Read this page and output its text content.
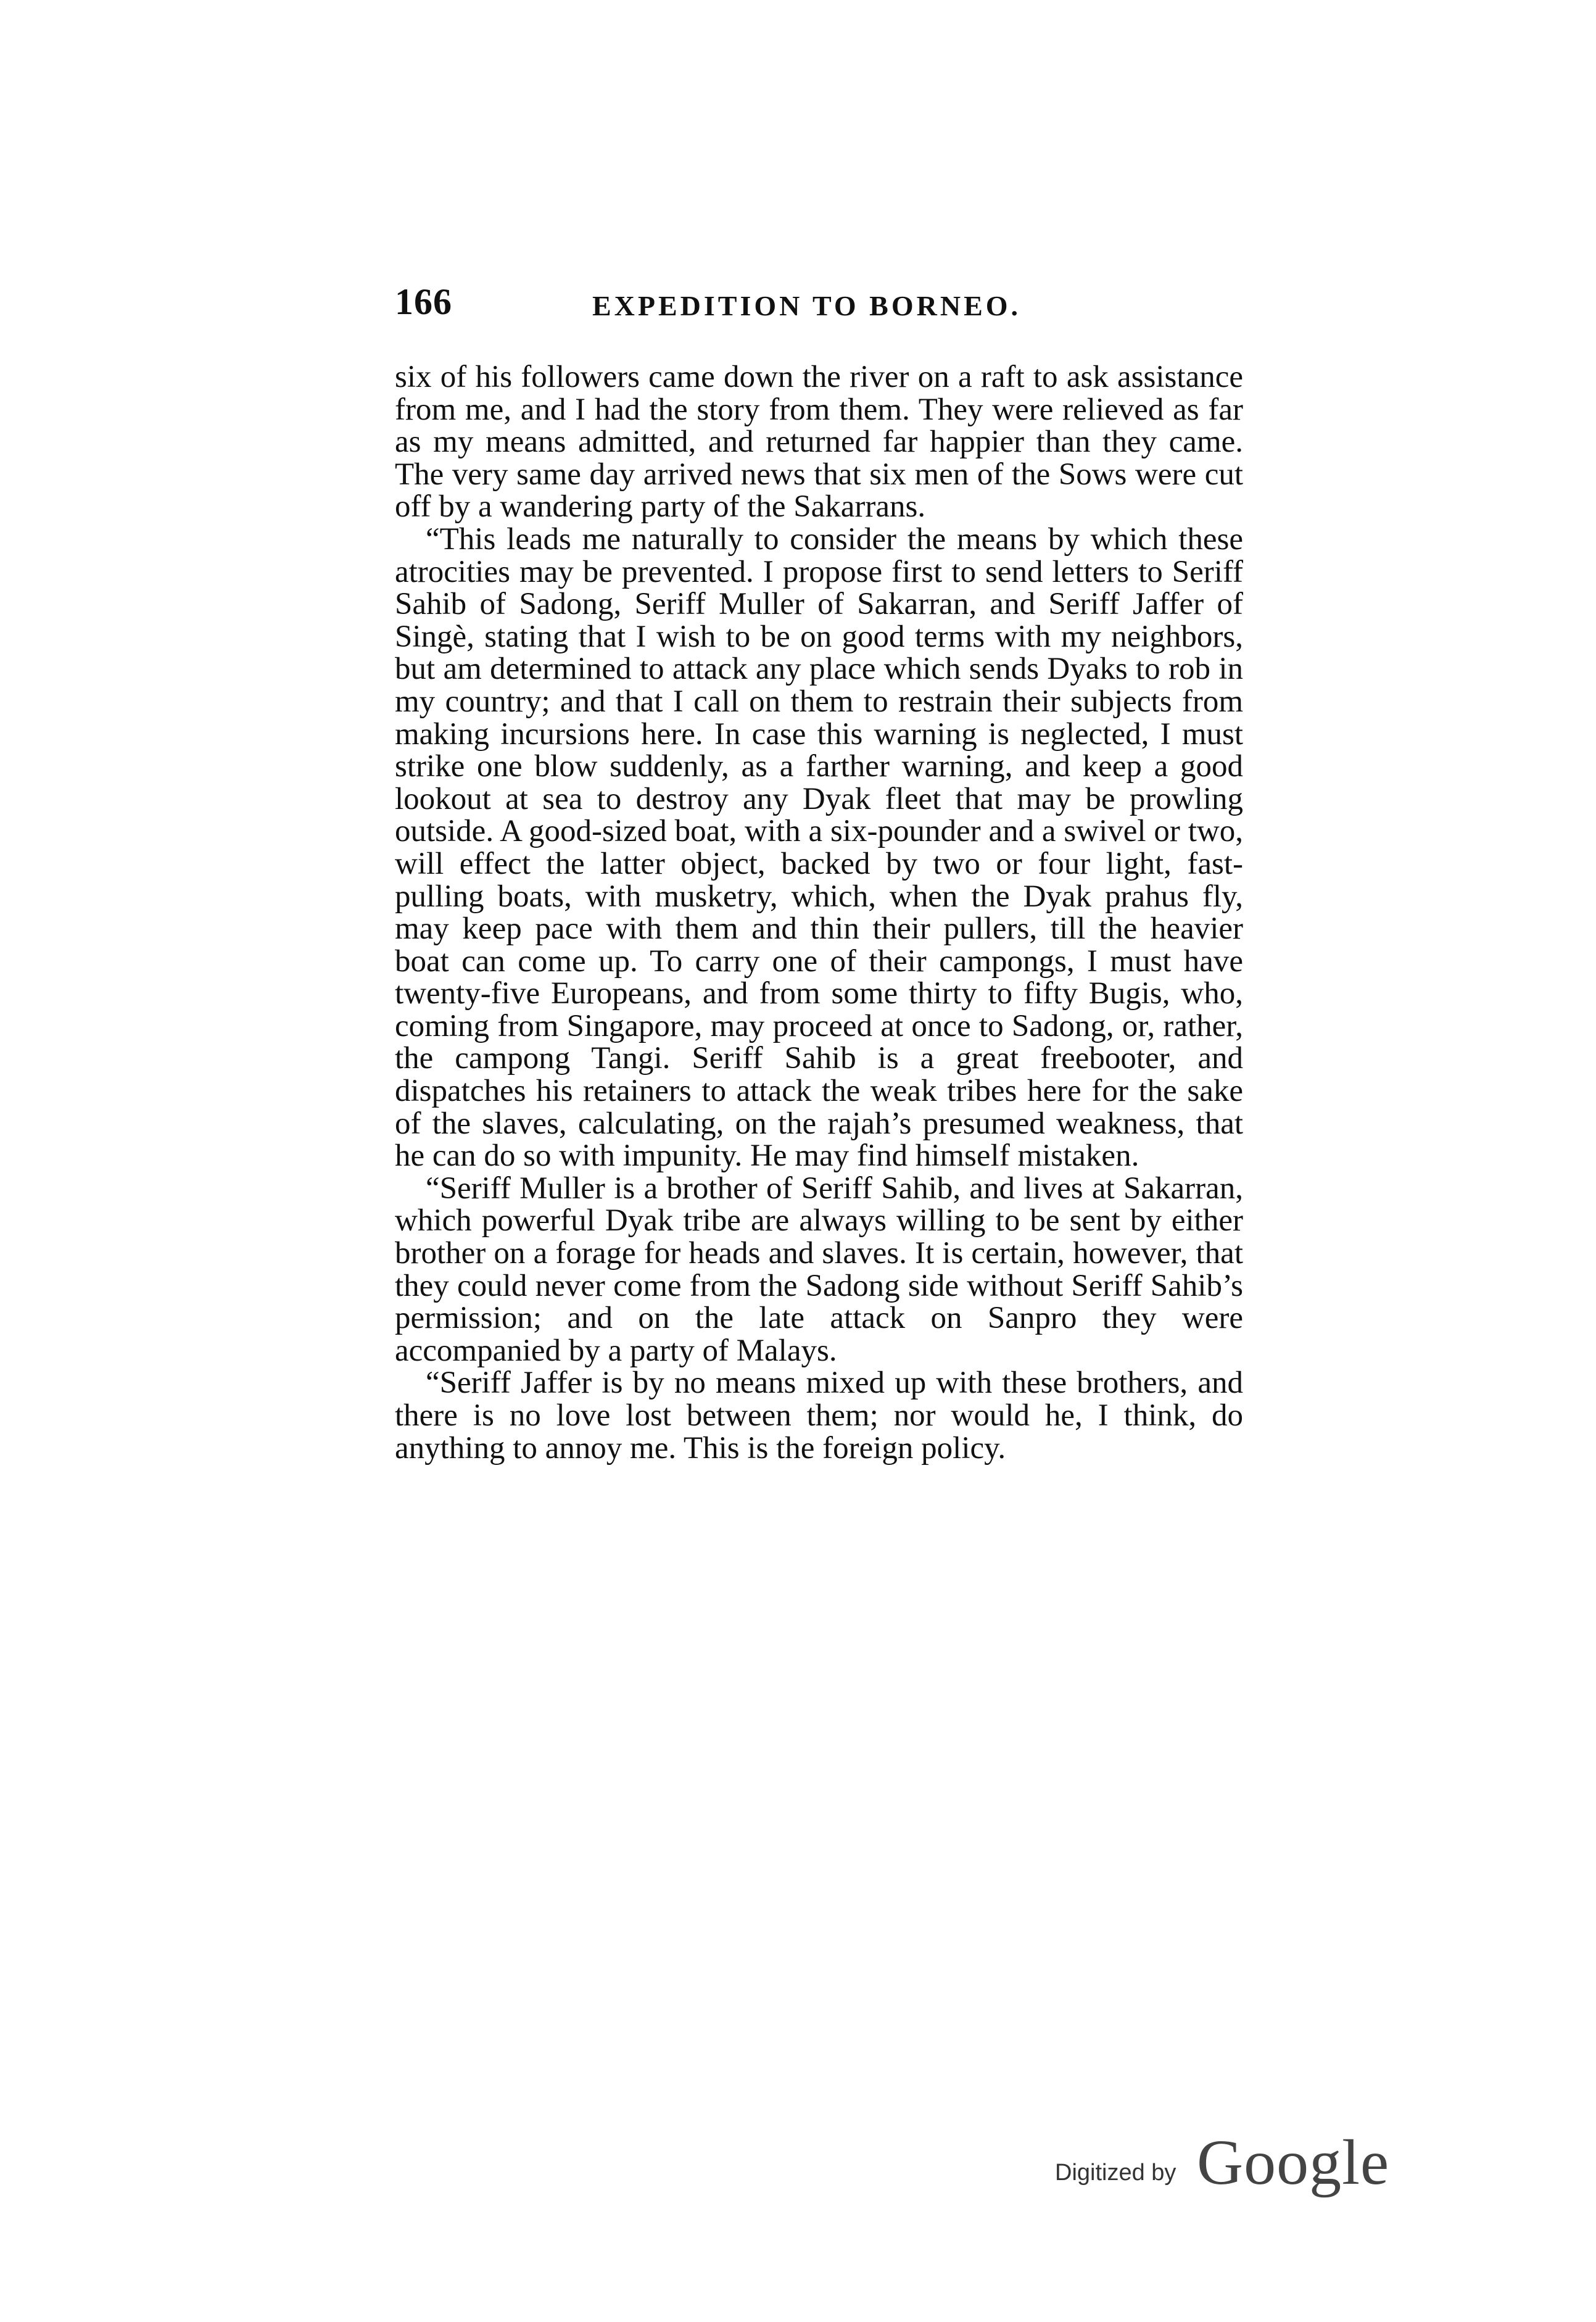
166	EXPEDITION TO BORNEO.

six of his followers came down the river on a raft to ask assistance from me, and I had the story from them. They were relieved as far as my means admitted, and returned far happier than they came. The very same day arrived news that six men of the Sows were cut off by a wandering party of the Sakarrans.

“This leads me naturally to consider the means by which these atrocities may be prevented. I propose first to send letters to Seriff Sahib of Sadong, Seriff Muller of Sakarran, and Seriff Jaffer of Singè, stating that I wish to be on good terms with my neighbors, but am determined to attack any place which sends Dyaks to rob in my country; and that I call on them to restrain their subjects from making incursions here. In case this warning is neglected, I must strike one blow suddenly, as a farther warning, and keep a good lookout at sea to destroy any Dyak fleet that may be prowling outside. A good-sized boat, with a six-pounder and a swivel or two, will effect the latter object, backed by two or four light, fast-pulling boats, with musketry, which, when the Dyak prahus fly, may keep pace with them and thin their pullers, till the heavier boat can come up. To carry one of their campongs, I must have twenty-five Europeans, and from some thirty to fifty Bugis, who, coming from Singapore, may proceed at once to Sadong, or, rather, the campong Tangi. Seriff Sahib is a great freebooter, and dispatches his retainers to attack the weak tribes here for the sake of the slaves, calculating, on the rajah’s presumed weakness, that he can do so with impunity. He may find himself mistaken.

“Seriff Muller is a brother of Seriff Sahib, and lives at Sakarran, which powerful Dyak tribe are always willing to be sent by either brother on a forage for heads and slaves. It is certain, however, that they could never come from the Sadong side without Seriff Sahib’s permission; and on the late attack on Sanpro they were accompanied by a party of Malays.

“Seriff Jaffer is by no means mixed up with these brothers, and there is no love lost between them; nor would he, I think, do anything to annoy me. This is the foreign policy.

Digitized by Google
